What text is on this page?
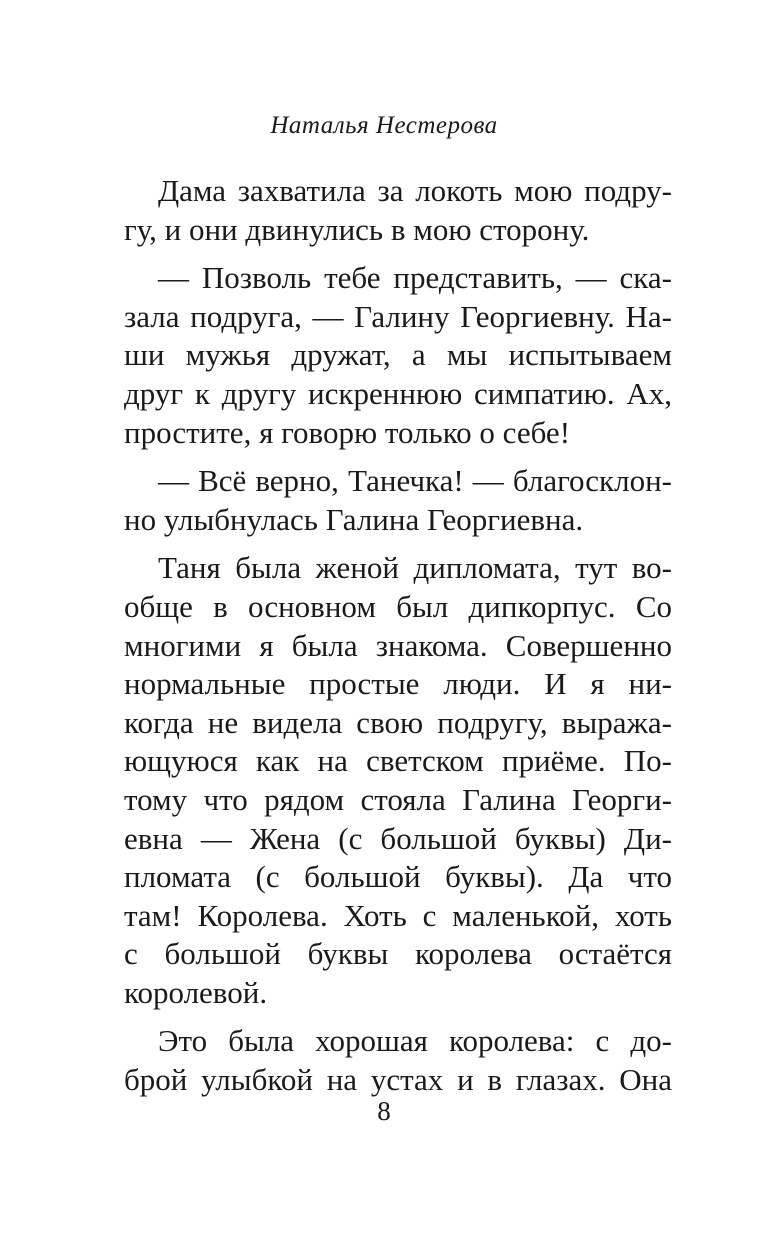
Наталья Нестерова
Дама захватила за локоть мою подру-
гу, и они двинулись в мою сторону.
— Позволь тебе представить, — ска-
зала подруга, — Галину Георгиевну. На-
ши мужья дружат, а мы испытываем
друг к другу искреннюю симпатию. Ах,
простите, я говорю только о себе!
— Всё верно, Танечка! — благосклон-
но улыбнулась Галина Георгиевна.
Таня была женой дипломата, тут во-
обще в основном был дипкорпус. Со
многими я была знакома. Совершенно
нормальные простые люди. И я ни-
когда не видела свою подругу, выража-
ющуюся как на светском приёме. По-
тому что рядом стояла Галина Георги-
евна — Жена (с большой буквы) Ди-
пломата (с большой буквы). Да что
там! Королева. Хоть с маленькой, хоть
с большой буквы королева остаётся
королевой.
Это была хорошая королева: с до-
брой улыбкой на устах и в глазах. Она
8
